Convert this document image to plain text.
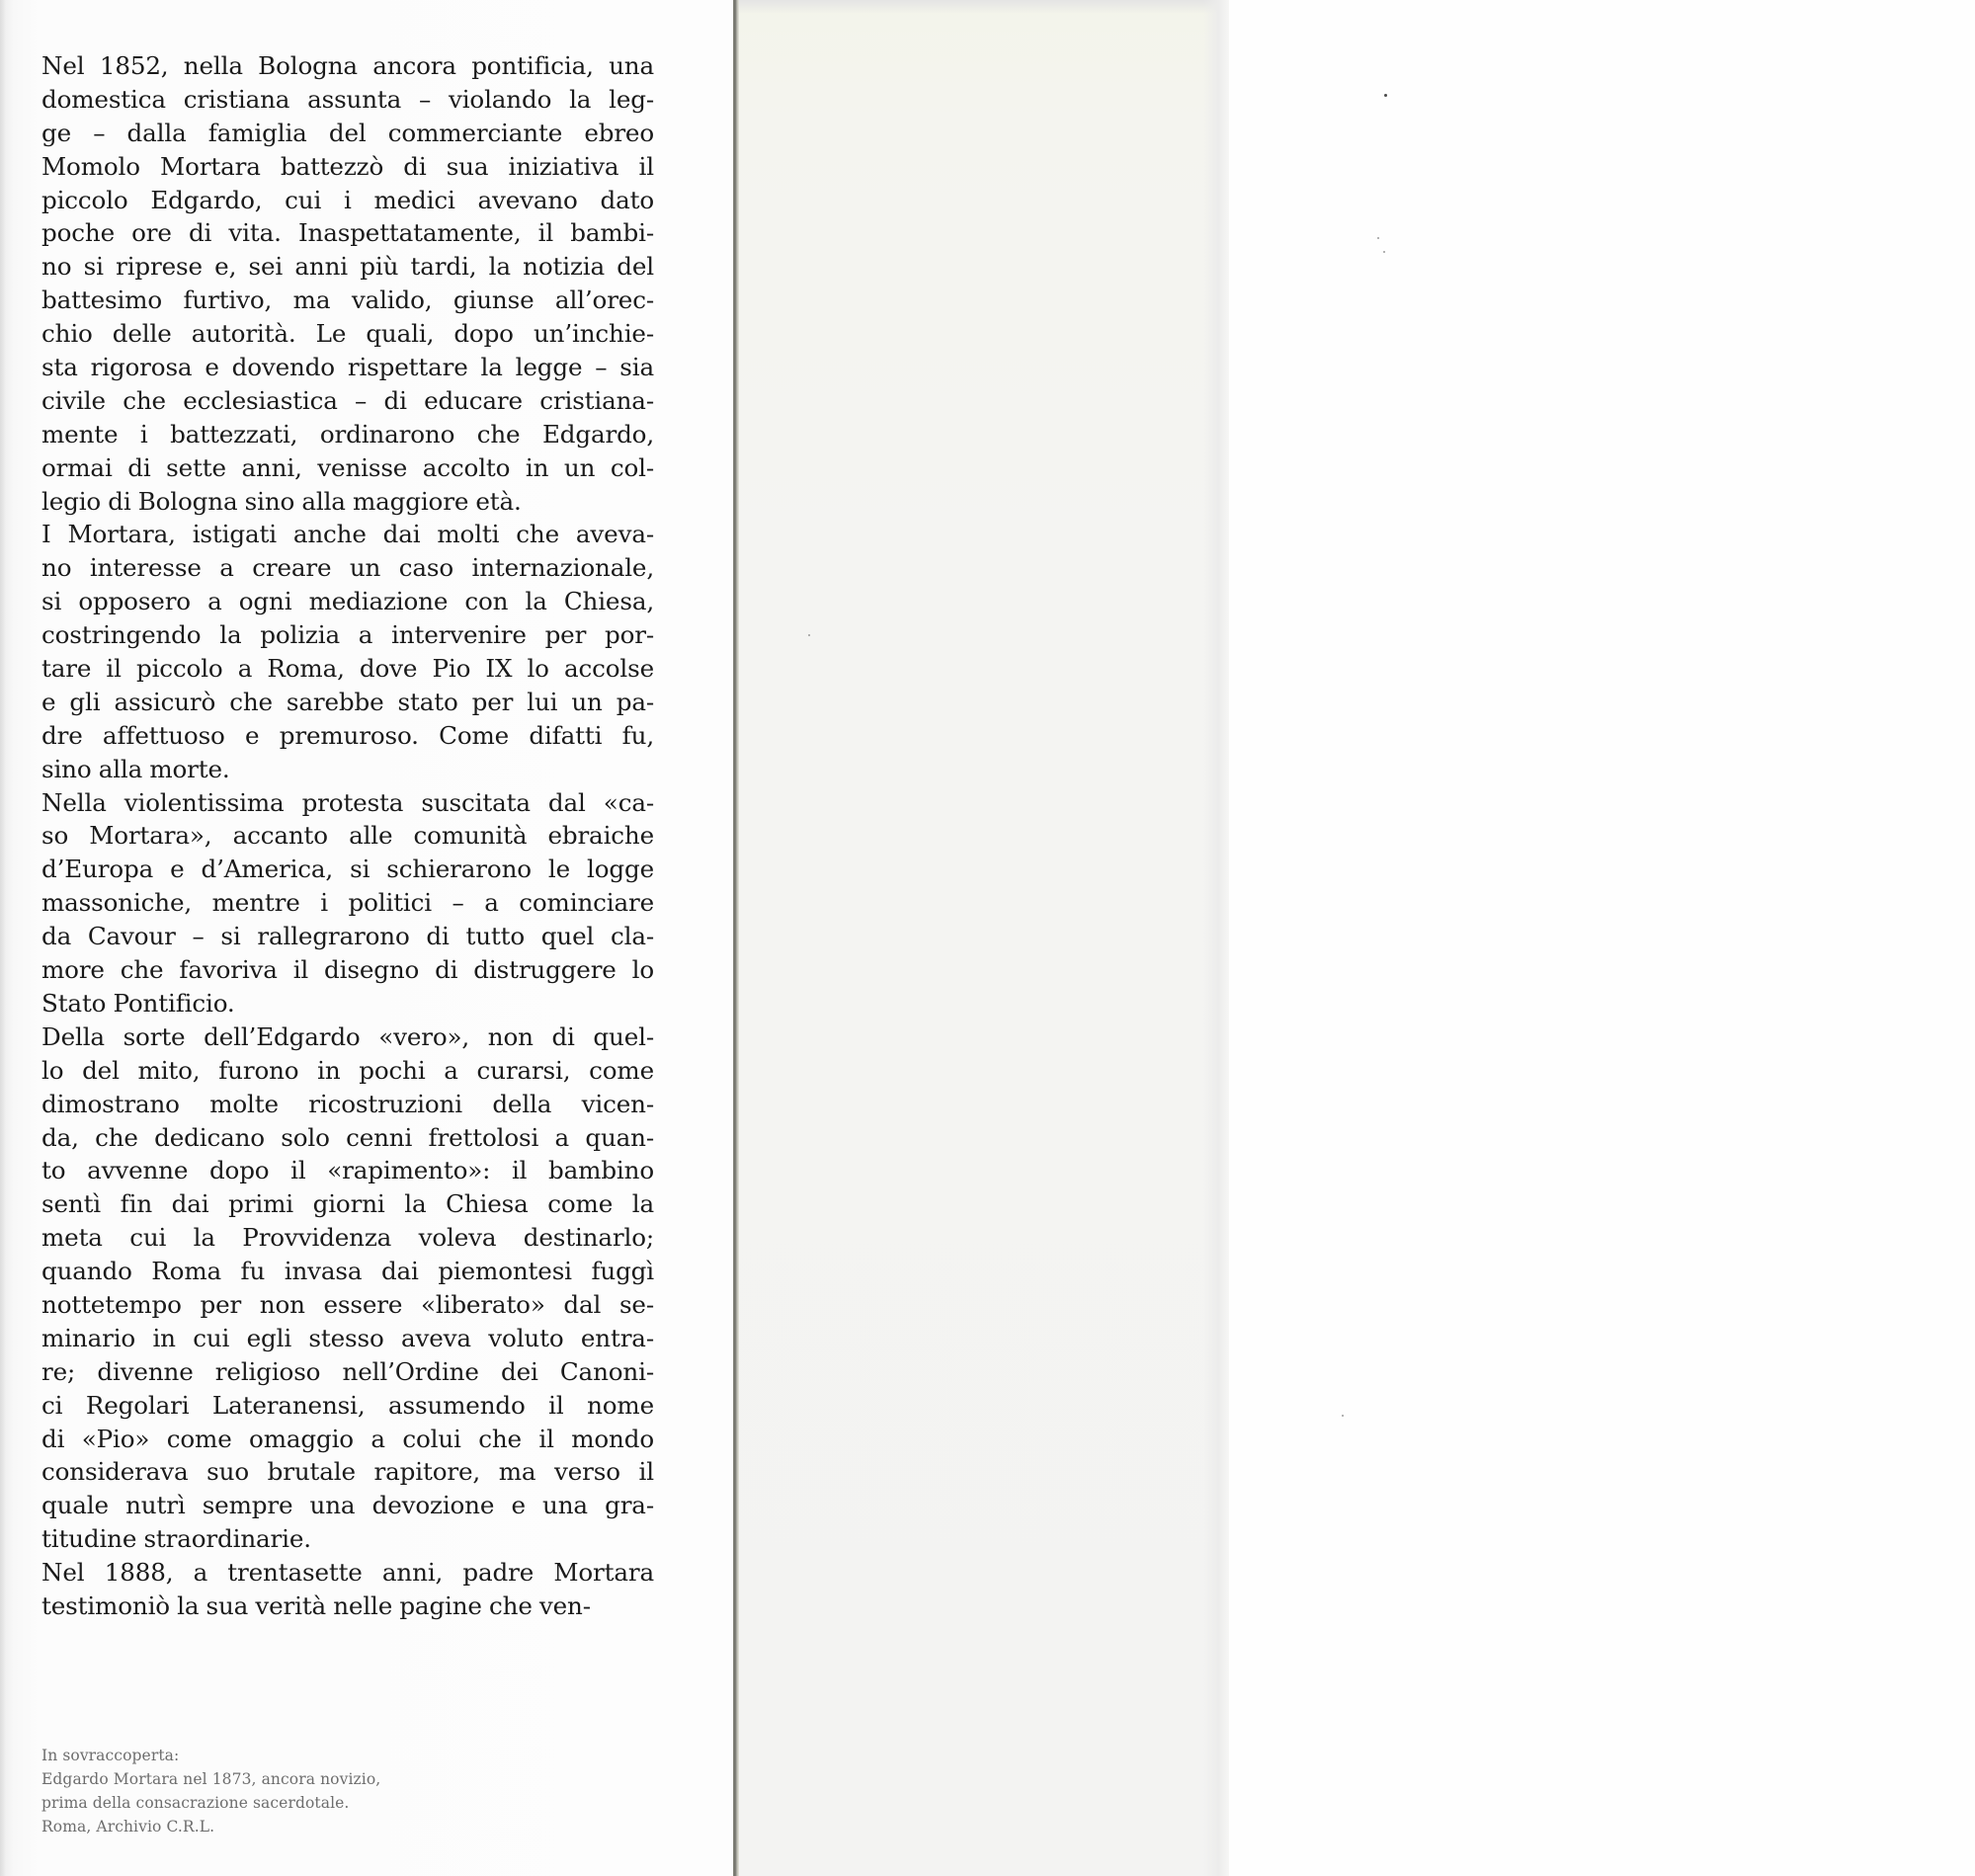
Nel 1852, nella Bologna ancora pontificia, una
domestica cristiana assunta – violando la leg-
ge – dalla famiglia del commerciante ebreo
Momolo Mortara battezzò di sua iniziativa il
piccolo Edgardo, cui i medici avevano dato
poche ore di vita. Inaspettatamente, il bambi-
no si riprese e, sei anni più tardi, la notizia del
battesimo furtivo, ma valido, giunse all’orec-
chio delle autorità. Le quali, dopo un’inchie-
sta rigorosa e dovendo rispettare la legge – sia
civile che ecclesiastica – di educare cristiana-
mente i battezzati, ordinarono che Edgardo,
ormai di sette anni, venisse accolto in un col-
legio di Bologna sino alla maggiore età.
I Mortara, istigati anche dai molti che aveva-
no interesse a creare un caso internazionale,
si opposero a ogni mediazione con la Chiesa,
costringendo la polizia a intervenire per por-
tare il piccolo a Roma, dove Pio IX lo accolse
e gli assicurò che sarebbe stato per lui un pa-
dre affettuoso e premuroso. Come difatti fu,
sino alla morte.
Nella violentissima protesta suscitata dal «ca-
so Mortara», accanto alle comunità ebraiche
d’Europa e d’America, si schierarono le logge
massoniche, mentre i politici – a cominciare
da Cavour – si rallegrarono di tutto quel cla-
more che favoriva il disegno di distruggere lo
Stato Pontificio.
Della sorte dell’Edgardo «vero», non di quel-
lo del mito, furono in pochi a curarsi, come
dimostrano molte ricostruzioni della vicen-
da, che dedicano solo cenni frettolosi a quan-
to avvenne dopo il «rapimento»: il bambino
sentì fin dai primi giorni la Chiesa come la
meta cui la Provvidenza voleva destinarlo;
quando Roma fu invasa dai piemontesi fuggì
nottetempo per non essere «liberato» dal se-
minario in cui egli stesso aveva voluto entra-
re; divenne religioso nell’Ordine dei Canoni-
ci Regolari Lateranensi, assumendo il nome
di «Pio» come omaggio a colui che il mondo
considerava suo brutale rapitore, ma verso il
quale nutrì sempre una devozione e una gra-
titudine straordinarie.
Nel 1888, a trentasette anni, padre Mortara
testimoniò la sua verità nelle pagine che ven-
In sovraccoperta:
Edgardo Mortara nel 1873, ancora novizio,
prima della consacrazione sacerdotale.
Roma, Archivio C.R.L.
